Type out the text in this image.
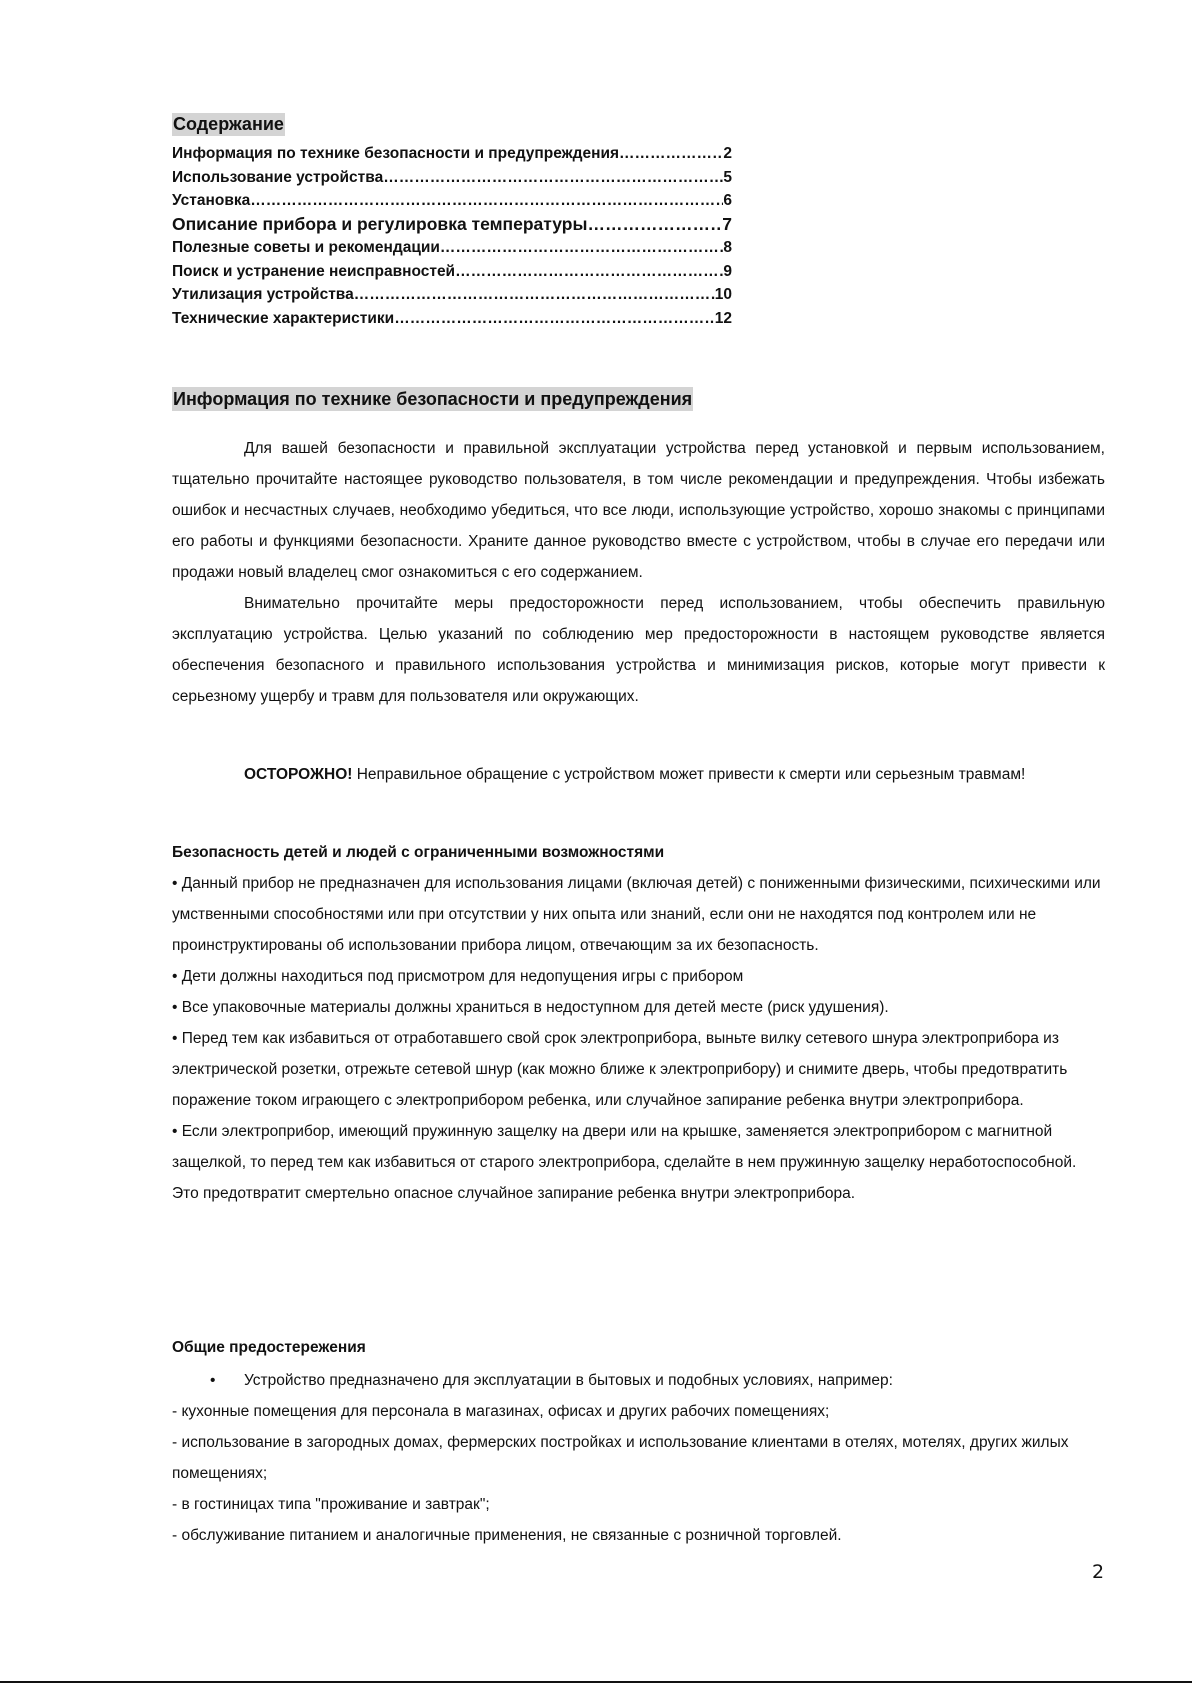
Содержание
Информация по технике безопасности и предупреждения ……………………………………………………………………………………………………………………………………………………………	2
Использование устройства ……………………………………………………………………………………………………………………………………………………………	5
Установка ……………………………………………………………………………………………………………………………………………………………	6
Описание прибора и регулировка температуры ……………………………………………………………………………………………………………………………………………………………	7
Полезные советы и рекомендации ……………………………………………………………………………………………………………………………………………………………	8
Поиск и устранение неисправностей ……………………………………………………………………………………………………………………………………………………………	9
Утилизация устройства ……………………………………………………………………………………………………………………………………………………………	10
Технические характеристики ……………………………………………………………………………………………………………………………………………………………	12
Информация по технике безопасности и предупреждения

Для вашей безопасности и правильной эксплуатации устройства перед установкой и первым использованием, тщательно прочитайте настоящее руководство пользователя, в том числе рекомендации и предупреждения. Чтобы избежать ошибок и несчастных случаев, необходимо убедиться, что все люди, использующие устройство, хорошо знакомы с принципами его работы и функциями безопасности. Храните данное руководство вместе с устройством, чтобы в случае его передачи или продажи новый владелец смог ознакомиться с его содержанием.

Внимательно прочитайте меры предосторожности перед использованием, чтобы обеспечить правильную эксплуатацию устройства. Целью указаний по соблюдению мер предосторожности в настоящем руководстве является обеспечения безопасного и правильного использования устройства и минимизация рисков, которые могут привести к серьезному ущербу и травм для пользователя или окружающих.

ОСТОРОЖНО! Неправильное обращение с устройством может привести к смерти или серьезным травмам!

Безопасность детей и людей с ограниченными возможностями

• Данный прибор не предназначен для использования лицами (включая детей) с пониженными физическими, психическими или умственными способностями или при отсутствии у них опыта или знаний, если они не находятся под контролем или не проинструктированы об использовании прибора лицом, отвечающим за их безопасность.

• Дети должны находиться под присмотром для недопущения игры с прибором

• Все упаковочные материалы должны храниться в недоступном для детей месте (риск удушения).

• Перед тем как избавиться от отработавшего свой срок электроприбора, выньте вилку сетевого шнура электроприбора из электрической розетки, отрежьте сетевой шнур (как можно ближе к электроприбору) и снимите дверь, чтобы предотвратить поражение током играющего с электроприбором ребенка, или случайное запирание ребенка внутри электроприбора.

• Если электроприбор, имеющий пружинную защелку на двери или на крышке, заменяется электроприбором с магнитной защелкой, то перед тем как избавиться от старого электроприбора, сделайте в нем пружинную защелку неработоспособной. Это предотвратит смертельно опасное случайное запирание ребенка внутри электроприбора.

Общие предостережения
•	Устройство предназначено для эксплуатации в бытовых и подобных условиях, например:

- кухонные помещения для персонала в магазинах, офисах и других рабочих помещениях;

- использование в загородных домах, фермерских постройках и использование клиентами в отелях, мотелях, других жилых помещениях;

- в гостиницах типа "проживание и завтрак";

- обслуживание питанием и аналогичные применения, не связанные с розничной торговлей.

2
